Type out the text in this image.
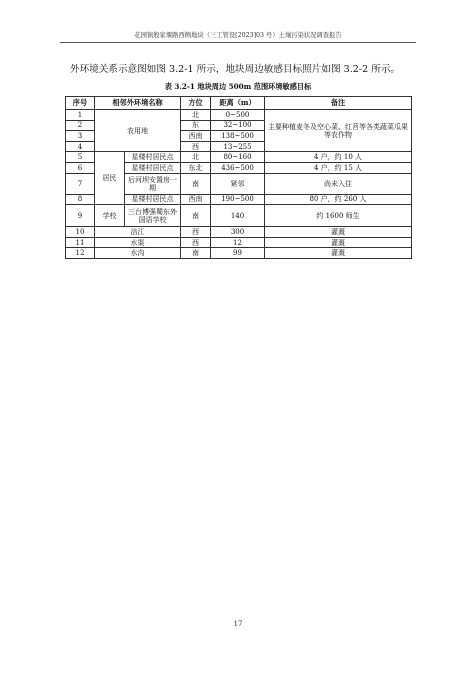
花园镇殷家堰路西侧地块（三工管设[2023]03 号）土壤污染状况调查报告
外环境关系示意图如图 3.2-1 所示，地块周边敏感目标照片如图 3.2-2 所示。
表 3.2-1 地块周边 500m 范围环境敏感目标
序号	相邻外环境名称		方位	距离（m）	备注
1	农用地		北	0~500	主要种植麦冬及空心菜、红苕等各类蔬菜瓜果等农作物
2			东	32~100	
3			西南	138~500	
4			西	13~255	
5	居民	星楼村居民点	北	80~160	4 户，约 10 人
6		星楼村居民点	东北	436~500	4 户，约 15 人
7		后河坝安置房一期	南	紧邻	尚未入住
8		星楼村居民点	西南	190~500	80 户，约 260 人
9	学校	三台博强蜀东外国语学校	南	140	约 1600 师生
10	涪江		西	300	灌溉
11	水渠		西	12	灌溉
12	水沟		南	99	灌溉
17
